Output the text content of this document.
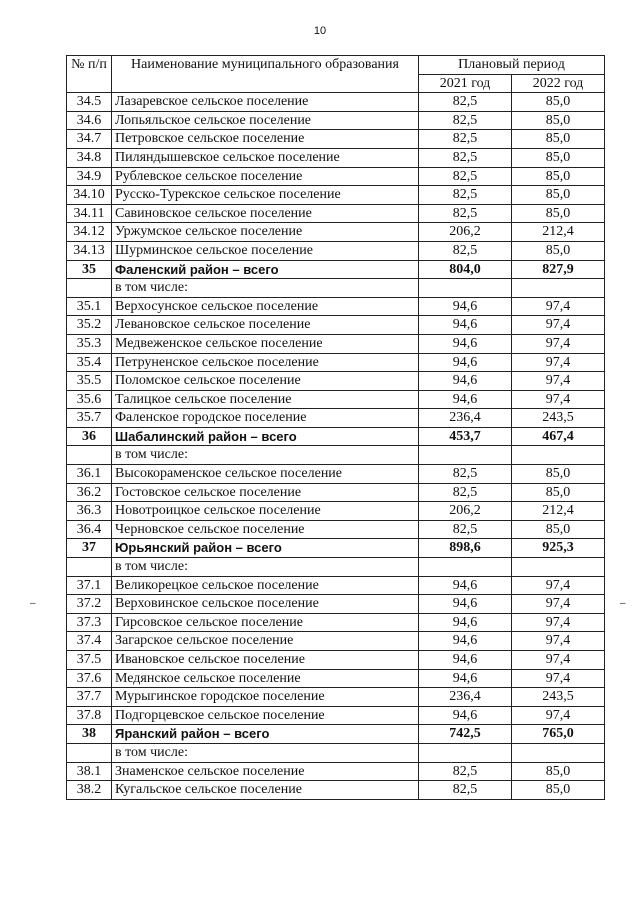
10
–	–
№ п/п	Наименование муниципального образования	Плановый период	
		2021 год	2022 год
34.5	Лазаревское сельское поселение	82,5	85,0
34.6	Лопьяльское сельское поселение	82,5	85,0
34.7	Петровское сельское поселение	82,5	85,0
34.8	Пиляндышевское сельское поселение	82,5	85,0
34.9	Рублевское сельское поселение	82,5	85,0
34.10	Русско-Турекское сельское поселение	82,5	85,0
34.11	Савиновское сельское поселение	82,5	85,0
34.12	Уржумское сельское поселение	206,2	212,4
34.13	Шурминское сельское поселение	82,5	85,0
35	Фаленский район – всего	804,0	827,9
	в том числе:		
35.1	Верхосунское сельское поселение	94,6	97,4
35.2	Левановское сельское поселение	94,6	97,4
35.3	Медвеженское сельское поселение	94,6	97,4
35.4	Петруненское сельское поселение	94,6	97,4
35.5	Поломское сельское поселение	94,6	97,4
35.6	Талицкое сельское поселение	94,6	97,4
35.7	Фаленское городское поселение	236,4	243,5
36	Шабалинский район – всего	453,7	467,4
	в том числе:		
36.1	Высокораменское сельское поселение	82,5	85,0
36.2	Гостовское сельское поселение	82,5	85,0
36.3	Новотроицкое сельское поселение	206,2	212,4
36.4	Черновское сельское поселение	82,5	85,0
37	Юрьянский район – всего	898,6	925,3
	в том числе:		
37.1	Великорецкое сельское поселение	94,6	97,4
37.2	Верховинское сельское поселение	94,6	97,4
37.3	Гирсовское сельское поселение	94,6	97,4
37.4	Загарское сельское поселение	94,6	97,4
37.5	Ивановское сельское поселение	94,6	97,4
37.6	Медянское сельское поселение	94,6	97,4
37.7	Мурыгинское городское поселение	236,4	243,5
37.8	Подгорцевское сельское поселение	94,6	97,4
38	Яранский район – всего	742,5	765,0
	в том числе:		
38.1	Знаменское сельское поселение	82,5	85,0
38.2	Кугальское сельское поселение	82,5	85,0
